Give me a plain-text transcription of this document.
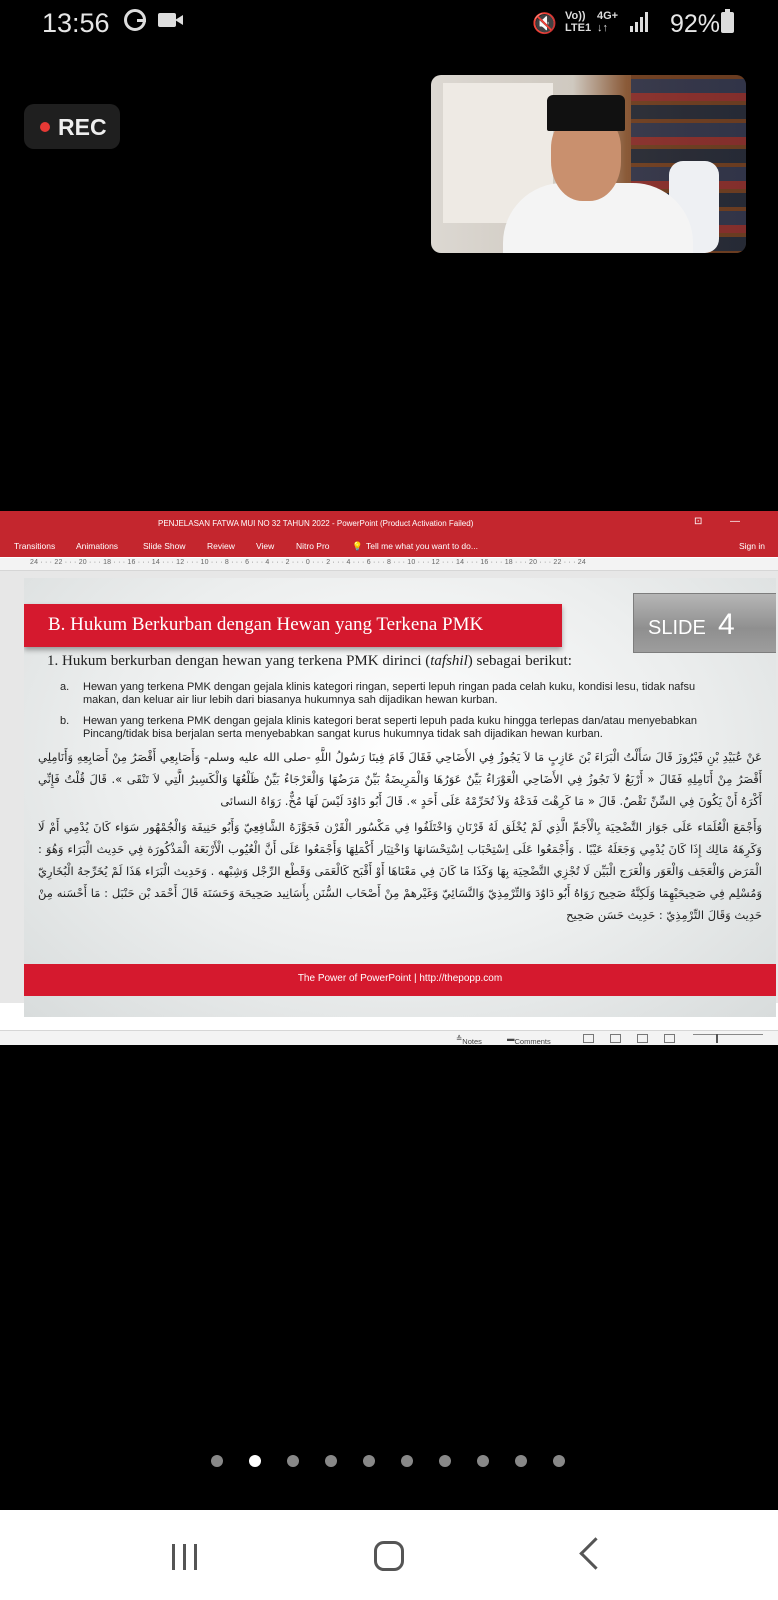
13:56	🔇 Vo))
LTE1
4G+
↓↑	92%
REC
PENJELASAN FATWA MUI NO 32 TAHUN 2022 - PowerPoint (Product Activation Failed)	⊡	—
Transitions Animations	Slide Show	Review View	Nitro Pro	💡 Tell me what you want to do...	Sign in
24 · · · 22 · · · 20 · · · 18 · · · 16 · · · 14 · · · 12 · · · 10 · · · 8 · · · 6 · · · 4 · · · 2 · · · 0 · · · 2 · · · 4 · · · 6 · · · 8 · · · 10 · · · 12 · · · 14 · · · 16 · · · 18 · · · 20 · · · 22 · · · 24
SLIDE 4
1. Hukum berkurban dengan hewan yang terkena PMK dirinci (tafshil) sebagai berikut:
B. Hukum Berkurban dengan Hewan yang Terkena PMK
a. Hewan yang terkena PMK dengan gejala klinis kategori ringan, seperti lepuh ringan pada celah kuku, kondisi lesu, tidak nafsu makan, dan keluar air liur lebih dari biasanya hukumnya sah dijadikan hewan kurban.
b. Hewan yang terkena PMK dengan gejala klinis kategori berat seperti lepuh pada kuku hingga terlepas dan/atau menyebabkan Pincang/tidak bisa berjalan serta menyebabkan sangat kurus hukumnya tidak sah dijadikan hewan kurban.
عَنْ عُبَيْدِ بْنِ فَيْرُوزَ قَالَ سَأَلْتُ الْبَرَاءَ بْنَ عَازِبٍ مَا لاَ يَجُوزُ فِي الأَضَاحِي فَقَالَ قَامَ فِينَا رَسُولُ اللَّهِ -صلى الله عليه وسلم- وَأَصَابِعِي أَقْصَرُ مِنْ أَصَابِعِهِ وَأَنَامِلِي أَقْصَرُ مِنْ أَنَامِلِهِ فَقَالَ « أَرْبَعٌ لاَ تَجُوزُ فِي الأَضَاحِي الْعَوْرَاءُ بَيِّنٌ عَوَرُهَا وَالْمَرِيضَةُ بَيِّنٌ مَرَضُهَا وَالْعَرْجَاءُ بَيِّنٌ ظَلْعُهَا وَالْكَسِيرُ الَّتِي لاَ تَنْقَى ». قَالَ قُلْتُ فَإِنِّي أَكْرَهُ أَنْ يَكُونَ فِي السِّنِّ نَقْصٌ. قَالَ « مَا كَرِهْتَ فَدَعْهُ وَلاَ تُحَرِّمْهُ عَلَى أَحَدٍ ». قَالَ أَبُو دَاوُدَ لَيْسَ لَهَا مُخٌّ. رَوَاهُ النسائى
وَأَجْمَعَ الْعُلَمَاء عَلَى جَوَاز التَّضْحِيَة بِالْأَجَمِّ الَّذِي لَمْ يُخْلَق لَهُ قَرْنَانِ وَاخْتَلَفُوا فِي مَكْسُور الْقَرْن فَجَوَّزَهُ الشَّافِعِيّ وَأَبُو حَنِيفَة وَالْجُمْهُور سَوَاء كَانَ يُدْمِي أَمْ لَا وَكَرِهَهُ مَالِك إِذَا كَانَ يُدْمِي وَجَعَلَهُ عَيْبًا . وَأَجْمَعُوا عَلَى اِسْتِحْبَاب اِسْتِحْسَانهَا وَاخْتِيَار أَكْمَلِهَا وَأَجْمَعُوا عَلَى أَنَّ الْعُيُوب الْأَرْبَعَة الْمَذْكُورَة فِي حَدِيث الْبَرَاء وَهُوَ : الْمَرَض وَالْعَجَف وَالْعَوَر وَالْعَرَج الْبَيِّن لَا تُجْزِي التَّضْحِيَة بِهَا وَكَذَا مَا كَانَ فِي مَعْنَاهَا أَوْ أَقْبَح كَالْعَمَى وَقَطْع الرِّجْل وَشِبْهه . وَحَدِيث الْبَرَاء هَذَا لَمْ يُخَرِّجهُ الْبُخَارِيّ وَمُسْلِم فِي صَحِيحَيْهِمَا وَلَكِنَّهُ صَحِيح رَوَاهُ أَبُو دَاوُدَ وَالتِّرْمِذِيّ وَالنَّسَائِيّ وَغَيْرهمْ مِنْ أَصْحَاب السُّنَن بِأَسَانِيد صَحِيحَة وَحَسَنَة قَالَ أَحْمَد بْن حَنْبَل : مَا أَحْسَنه مِنْ حَدِيث وَقَالَ التِّرْمِذِيّ : حَدِيث حَسَن صَحِيح
The Power of PowerPoint | http://thepopp.com
≙ Notes	▬ Comments
